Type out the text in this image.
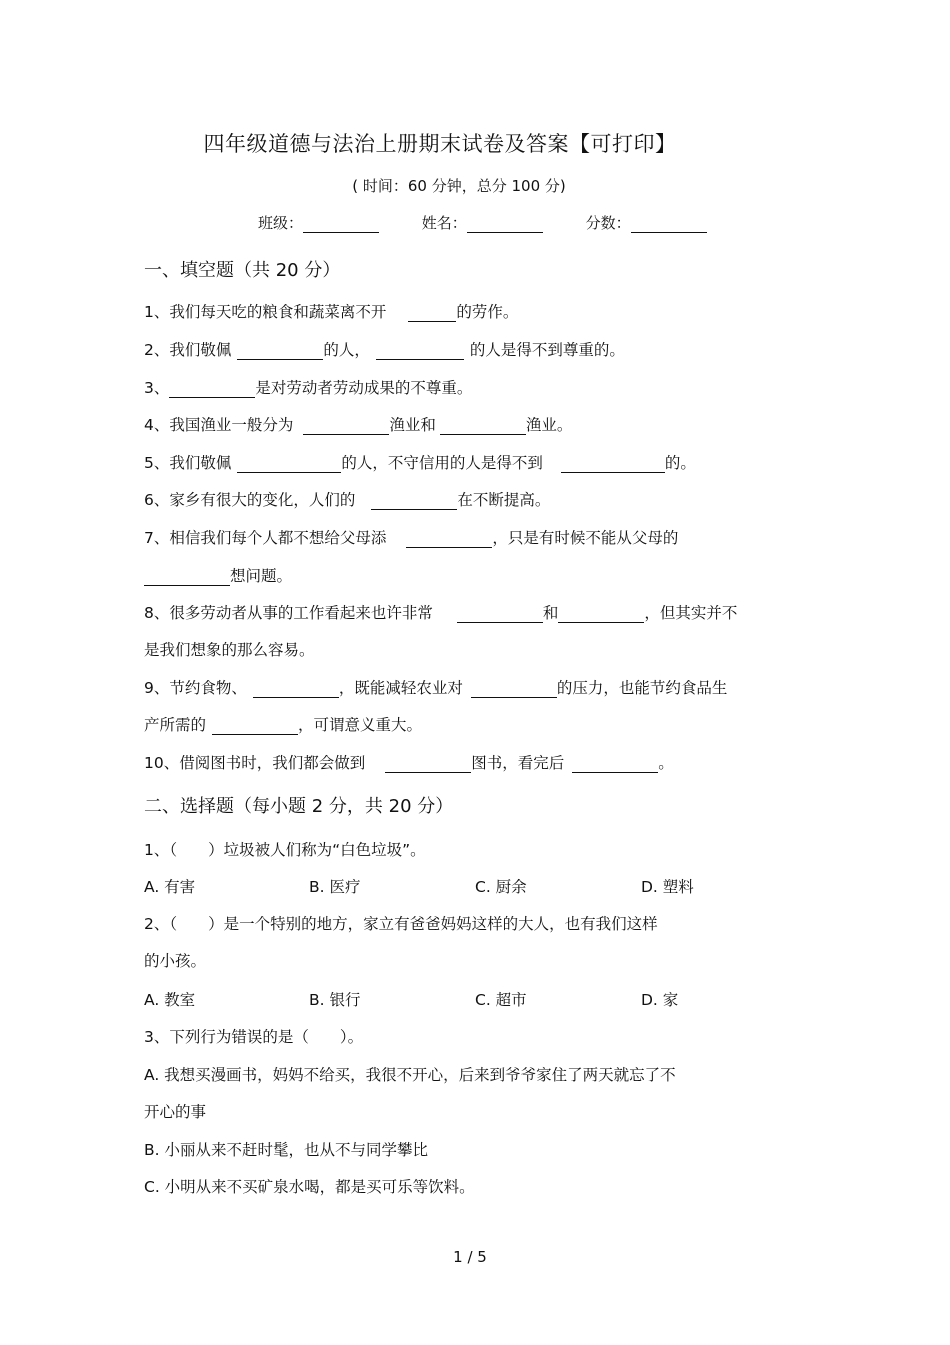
四年级道德与法治上册期末试卷及答案【可打印】
( 时间：60 分钟，总分 100 分)
班级：	姓名：	分数：
一、填空题（共 20 分）
1、我们每天吃的粮食和蔬菜离不开	的劳作。
2、我们敬佩	的人，	的人是得不到尊重的。
3、	是对劳动者劳动成果的不尊重。
4、我国渔业一般分为	渔业和	渔业。
5、我们敬佩	的人，不守信用的人是得不到	的。
6、家乡有很大的变化，人们的	在不断提高。
7、相信我们每个人都不想给父母添	，只是有时候不能从父母的
想问题。
8、很多劳动者从事的工作看起来也许非常	和	，但其实并不
是我们想象的那么容易。
9、节约食物、	，既能减轻农业对	的压力，也能节约食品生
产所需的	，可谓意义重大。
10、借阅图书时，我们都会做到	图书，看完后	。
二、选择题（每小题 2 分，共 20 分）
1、（　　）垃圾被人们称为“白色垃圾”。
A. 有害	B. 医疗	C. 厨余	D. 塑料
2、（　　）是一个特别的地方，家立有爸爸妈妈这样的大人，也有我们这样
的小孩。
A. 教室	B. 银行	C. 超市	D. 家
3、下列行为错误的是（　　）。
A. 我想买漫画书，妈妈不给买，我很不开心，后来到爷爷家住了两天就忘了不
开心的事
B. 小丽从来不赶时髦，也从不与同学攀比
C. 小明从来不买矿泉水喝，都是买可乐等饮料。
1 / 5
